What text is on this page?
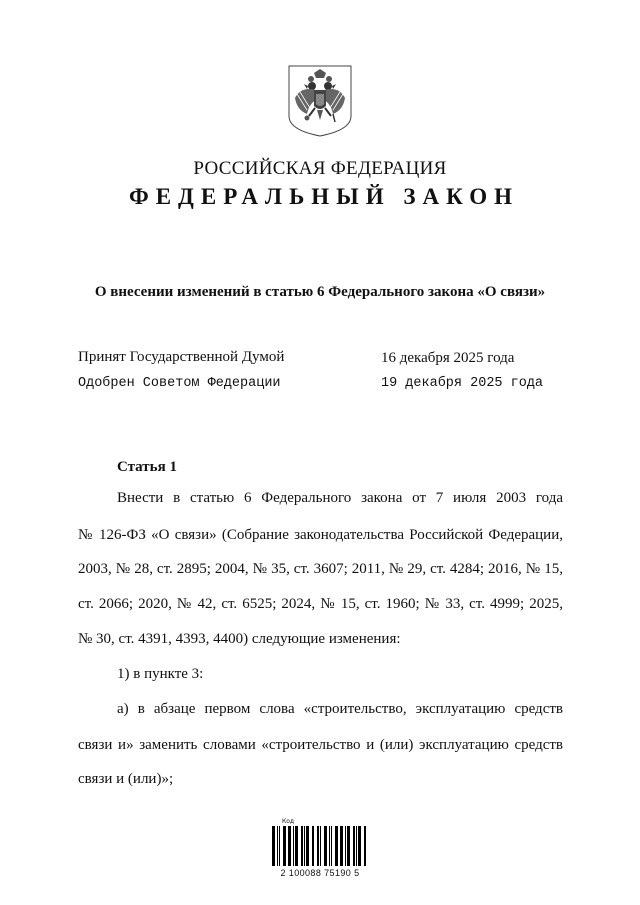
РОССИЙСКАЯ ФЕДЕРАЦИЯ
ФЕДЕРАЛЬНЫЙ ЗАКОН
О внесении изменений в статью 6 Федерального закона «О связи»
Принят Государственной Думой	16 декабря 2025 года
Одобрен Советом Федерации	19 декабря 2025 года
Статья 1
Внести в статью 6 Федерального закона от 7 июля 2003 года
№ 126-ФЗ «О связи» (Собрание законодательства Российской Федерации,
2003, № 28, ст. 2895; 2004, № 35, ст. 3607; 2011, № 29, ст. 4284; 2016, № 15,
ст. 2066; 2020, № 42, ст. 6525; 2024, № 15, ст. 1960; № 33, ст. 4999; 2025,
№ 30, ст. 4391, 4393, 4400) следующие изменения:
1) в пункте 3:
а) в абзаце первом слова «строительство, эксплуатацию средств
связи и» заменить словами «строительство и (или) эксплуатацию средств
связи и (или)»;
Код
2 100088 75190 5
